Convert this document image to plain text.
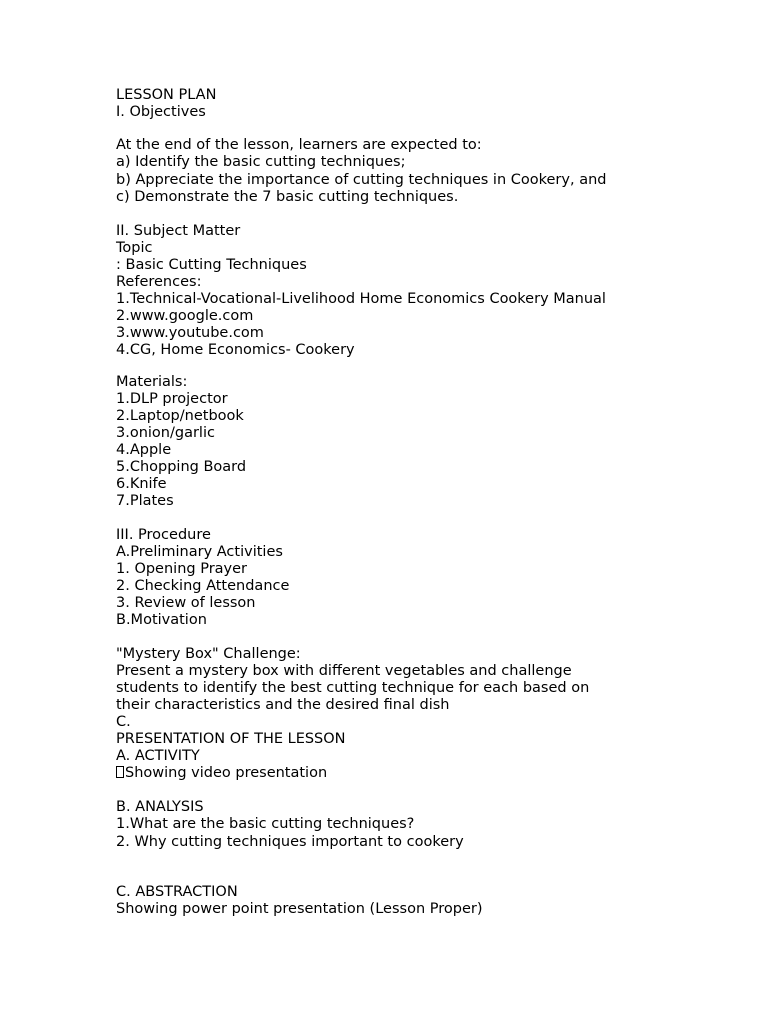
LESSON PLAN
I. Objectives
At the end of the lesson, learners are expected to:
a) Identify the basic cutting techniques;
b) Appreciate the importance of cutting techniques in Cookery, and
c) Demonstrate the 7 basic cutting techniques.
II. Subject Matter
Topic
: Basic Cutting Techniques
References:
1.Technical-Vocational-Livelihood Home Economics Cookery Manual
2.www.google.com
3.www.youtube.com
4.CG, Home Economics- Cookery
Materials:
1.DLP projector
2.Laptop/netbook
3.onion/garlic
4.Apple
5.Chopping Board
6.Knife
7.Plates
III. Procedure
A.Preliminary Activities
1. Opening Prayer
2. Checking Attendance
3. Review of lesson
B.Motivation
"Mystery Box" Challenge:
Present a mystery box with different vegetables and challenge
students to identify the best cutting technique for each based on
their characteristics and the desired final dish
C.
PRESENTATION OF THE LESSON
A. ACTIVITY
Showing video presentation
B. ANALYSIS
1.What are the basic cutting techniques?
2. Why cutting techniques important to cookery
C. ABSTRACTION
Showing power point presentation (Lesson Proper)
